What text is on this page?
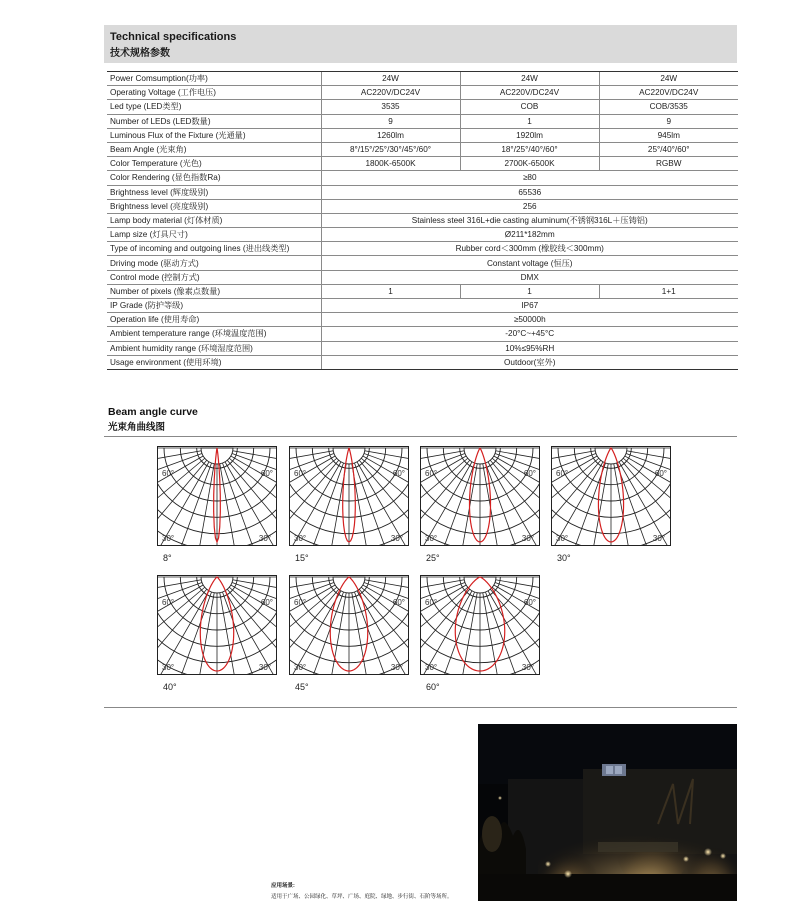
Technical specifications
技术规格参数
Power Comsumption(功率)	24W	24W	24W
Operating Voltage (工作电压)	AC220V/DC24V	AC220V/DC24V	AC220V/DC24V
Led type (LED类型)	3535	COB	COB/3535
Number of LEDs (LED数量)	9	1	9
Luminous Flux of the Fixture (光通量)	1260lm	1920lm	945lm
Beam Angle (光束角)	8°/15°/25°/30°/45°/60°	18°/25°/40°/60°	25°/40°/60°
Color Temperature (光色)	1800K-6500K	2700K-6500K	RGBW
Color Rendering (显色指数Ra)	≥80		
Brightness level (辉度级别)	65536		
Brightness level (亮度级别)	256		
Lamp body material (灯体材质)	Stainless steel 316L+die casting aluminum(不锈钢316L＋压铸铝)		
Lamp size (灯具尺寸)	Ø211*182mm		
Type of incoming and outgoing lines (进出线类型)	Rubber cord＜300mm (橡胶线＜300mm)		
Driving mode (驱动方式)	Constant voltage (恒压)		
Control mode (控制方式)	DMX		
Number of pixels (像素点数量)	1	1	1+1
IP Grade (防护等级)	IP67		
Operation life (使用寿命)	≥50000h		
Ambient temperature range (环境温度范围)	-20°C~+45°C		
Ambient humidity range (环境湿度范围)	10%≤95%RH		
Usage environment (使用环境)	Outdoor(室外)		
Beam angle curve
光束角曲线图
60°	60°
30°	30°
8°
60°	60°
30°	30°
15°
60°	60°
30°	30°
25°
60°	60°
30°	30°
30°
60°	60°
30°	30°
40°
60°	60°
30°	30°
45°
60°	60°
30°	30°
60°
应用场景:
适用于广场、公园绿化、草坪、广场、庭院、绿地、步行街、石阶等场所。
